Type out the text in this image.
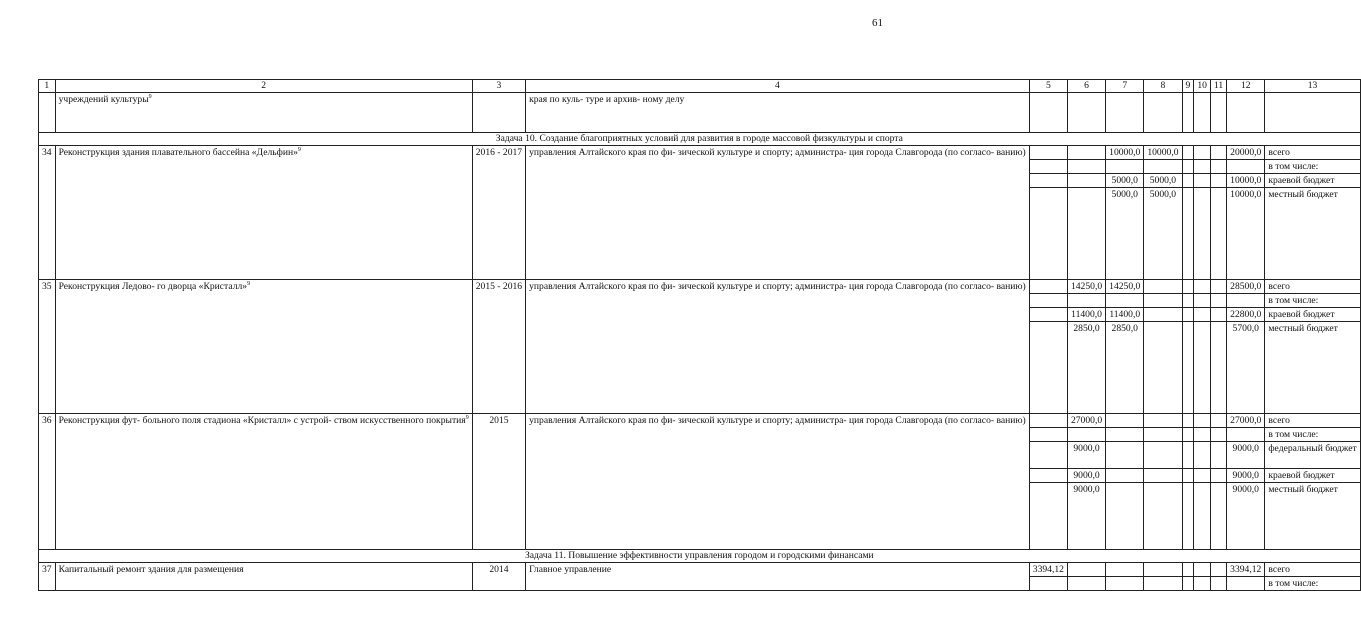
61
1	2	3	4	5	6	7	8	9	10	11	12	13
	учреждений культуры$^9$		края по куль- туре и архив- ному делу									
Задача 10. Создание благоприятных условий для развития в городе массовой физкультуры и спорта												
34	Реконструкция здания плавательного бассейна «Дельфин»$^9$	2016 - 2017	управления Алтайского края по фи- зической культуре и спорту; администра- ция города Славгорода (по согласо- ванию)			10000,0	10000,0				20000,0	всего
												в том числе:
						5000,0	5000,0				10000,0	краевой бюджет
						5000,0	5000,0				10000,0	местный бюджет
35	Реконструкция Ледово- го дворца «Кристалл»$^9$	2015 - 2016	управления Алтайского края по фи- зической культуре и спорту; администра- ция города Славгорода (по согласо- ванию)		14250,0	14250,0					28500,0	всего
												в том числе:
					11400,0	11400,0					22800,0	краевой бюджет
					2850,0	2850,0					5700,0	местный бюджет
36	Реконструкция фут- больного поля стадиона «Кристалл» с устрой- ством искусственного покрытия$^9$	2015	управления Алтайского края по фи- зической культуре и спорту; администра- ция города Славгорода (по согласо- ванию)		27000,0						27000,0	всего
												в том числе:
					9000,0						9000,0	федеральный бюджет
					9000,0						9000,0	краевой бюджет
					9000,0						9000,0	местный бюджет
Задача 11. Повышение эффективности управления городом и городскими финансами												
37	Капитальный ремонт здания для размещения	2014	Главное управление	3394,12							3394,12	всего
												в том числе:
